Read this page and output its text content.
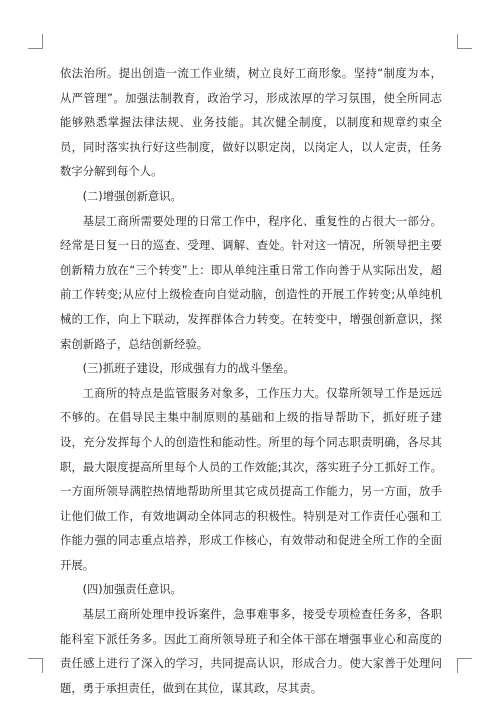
依法治所。提出创造一流工作业绩，树立良好工商形象。坚持“制度为本，从严管理”。加强法制教育，政治学习，形成浓厚的学习氛围，使全所同志能够熟悉掌握法律法规、业务技能。其次健全制度，以制度和规章约束全员，同时落实执行好这些制度，做好以职定岗，以岗定人，以人定责，任务数字分解到每个人。

(二)增强创新意识。

基层工商所需要处理的日常工作中，程序化、重复性的占很大一部分。经常是日复一日的巡查、受理、调解、查处。针对这一情况，所领导把主要创新精力放在“三个转变”上：即从单纯注重日常工作向善于从实际出发，超前工作转变;从应付上级检查向自觉动脑，创造性的开展工作转变;从单纯机械的工作，向上下联动，发挥群体合力转变。在转变中，增强创新意识，探索创新路子，总结创新经验。

(三)抓班子建设，形成强有力的战斗堡垒。

工商所的特点是监管服务对象多，工作压力大。仅靠所领导工作是远远不够的。在倡导民主集中制原则的基础和上级的指导帮助下，抓好班子建设，充分发挥每个人的创造性和能动性。所里的每个同志职责明确，各尽其职，最大限度提高所里每个人员的工作效能;其次，落实班子分工抓好工作。一方面所领导满腔热情地帮助所里其它成员提高工作能力，另一方面，放手让他们做工作，有效地调动全体同志的积极性。特别是对工作责任心强和工作能力强的同志重点培养，形成工作核心，有效带动和促进全所工作的全面开展。

(四)加强责任意识。

基层工商所处理申投诉案件，急事难事多，接受专项检查任务多，各职能科室下派任务多。因此工商所领导班子和全体干部在增强事业心和高度的责任感上进行了深入的学习，共同提高认识，形成合力。使大家善于处理问题，勇于承担责任，做到在其位，谋其政，尽其责。
